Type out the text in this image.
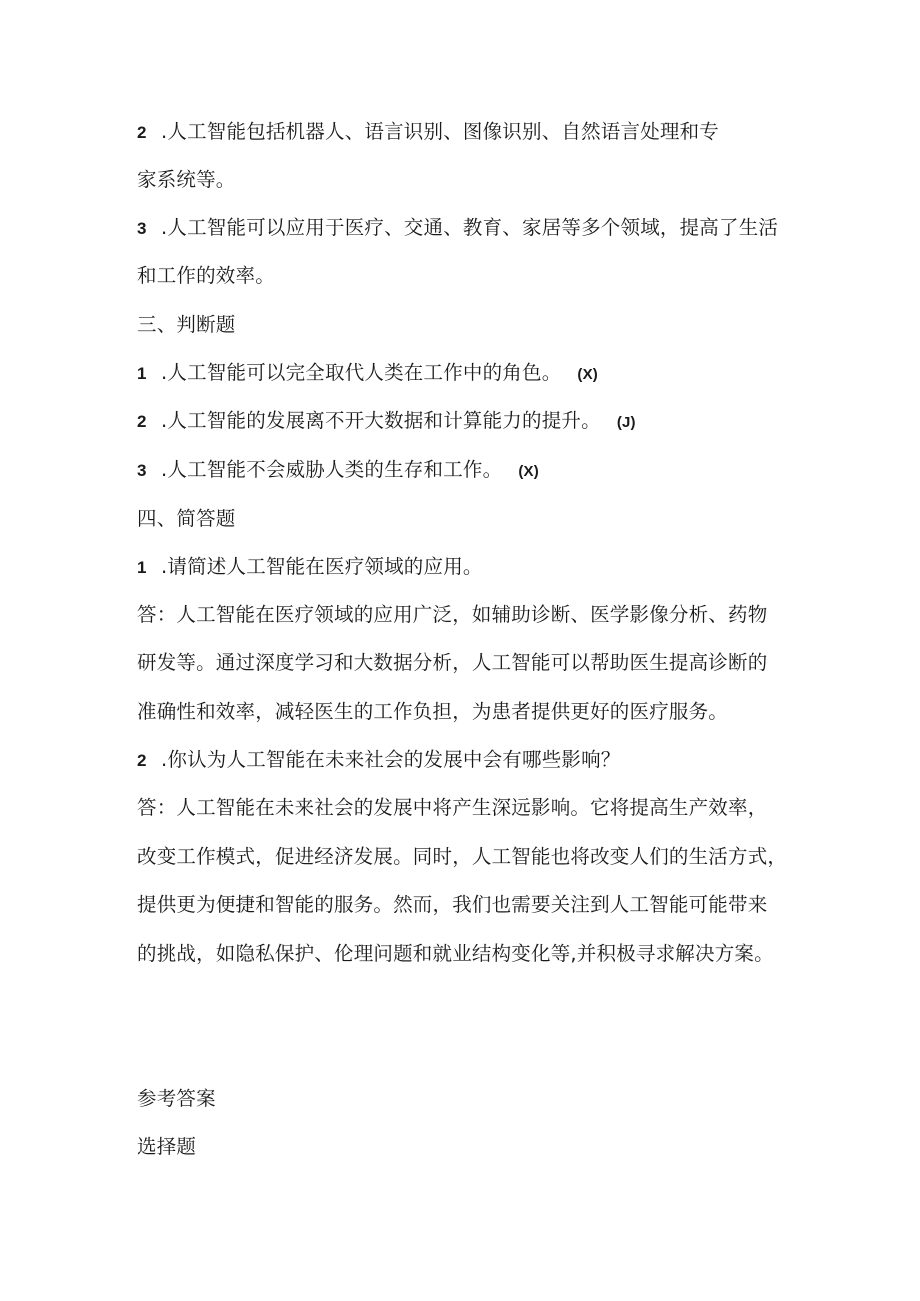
2 .人工智能包括机器人、语言识别、图像识别、自然语言处理和专
家系统等。
3 .人工智能可以应用于医疗、交通、教育、家居等多个领域，提高了生活
和工作的效率。
三、判断题
1 .人工智能可以完全取代人类在工作中的角色。 (X)
2 .人工智能的发展离不开大数据和计算能力的提升。 (J)
3 .人工智能不会威胁人类的生存和工作。 (X)
四、简答题
1 .请简述人工智能在医疗领域的应用。
答：人工智能在医疗领域的应用广泛，如辅助诊断、医学影像分析、药物
研发等。通过深度学习和大数据分析，人工智能可以帮助医生提高诊断的
准确性和效率，减轻医生的工作负担，为患者提供更好的医疗服务。
2 .你认为人工智能在未来社会的发展中会有哪些影响？
答：人工智能在未来社会的发展中将产生深远影响。它将提高生产效率，
改变工作模式，促进经济发展。同时，人工智能也将改变人们的生活方式，
提供更为便捷和智能的服务。然而，我们也需要关注到人工智能可能带来
的挑战，如隐私保护、伦理问题和就业结构变化等,并积极寻求解决方案。
参考答案
选择题
